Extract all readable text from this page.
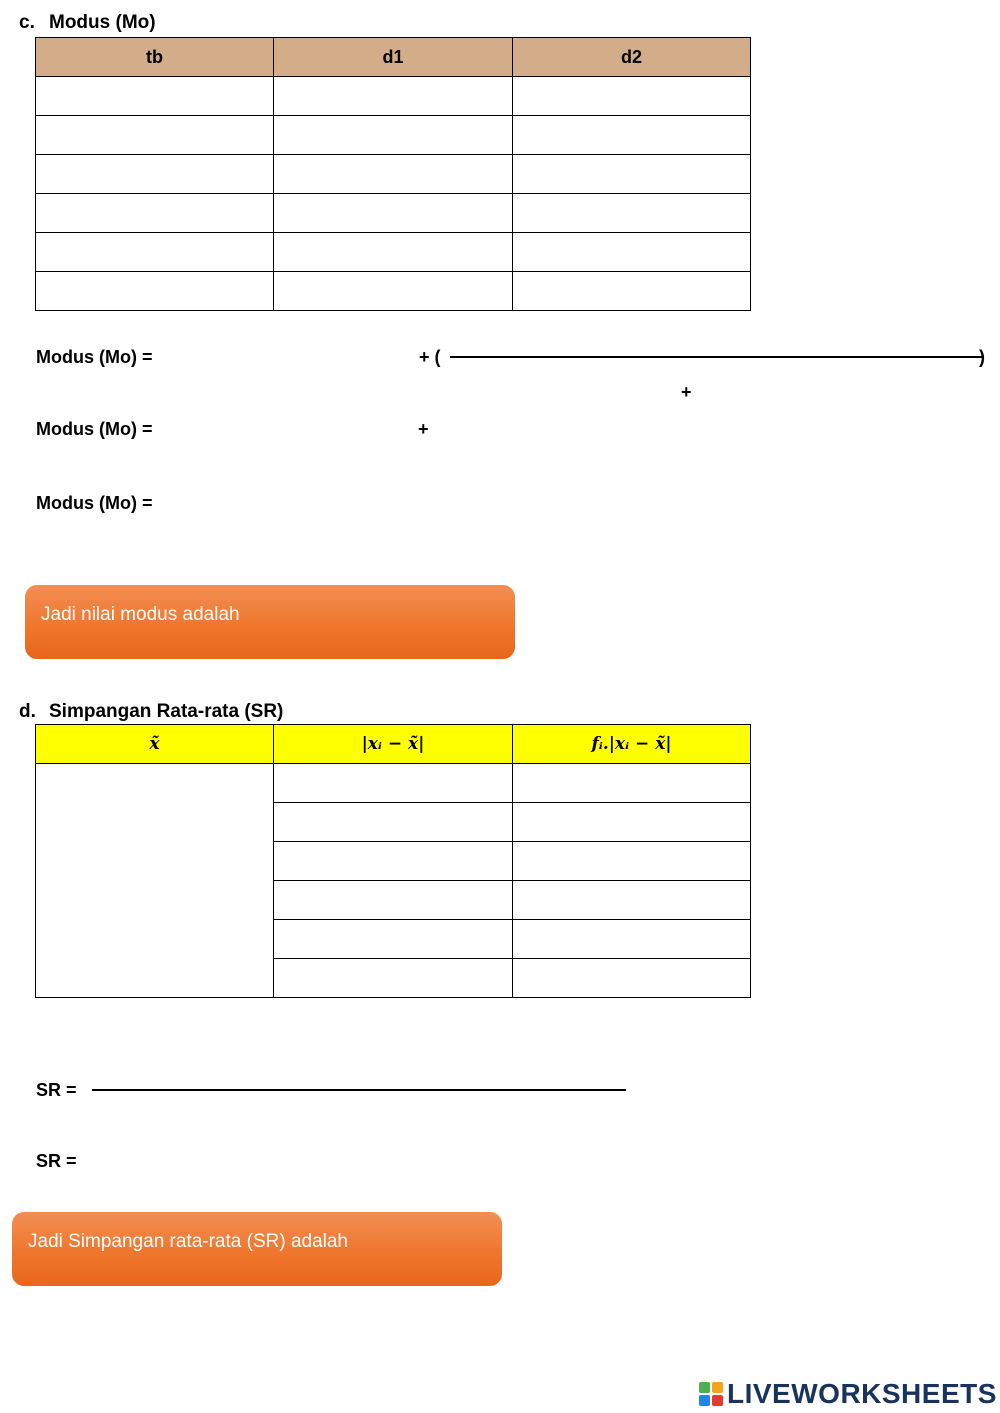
c. Modus (Mo)
tb	d1	d2

Modus (Mo) =	+ (	)
+
Modus (Mo) =	+
Modus (Mo) =
Jadi nilai modus adalah
d. Simpangan Rata-rata (SR)
x̃	|xᵢ − x̃|	fᵢ.|xᵢ − x̃|

SR =
SR =
Jadi Simpangan rata-rata (SR) adalah
LIVEWORKSHEETS
